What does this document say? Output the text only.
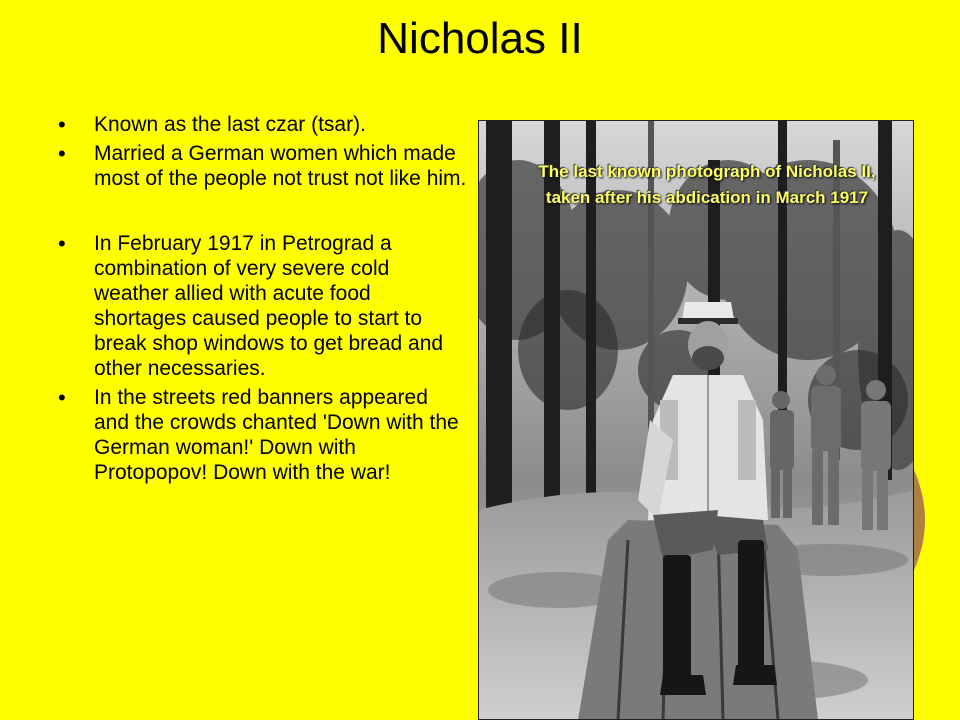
Nicholas II
• Known as the last czar (tsar).
• Married a German women which made most of the people not trust not like him.
• In February 1917 in Petrograd a combination of very severe cold weather allied with acute food shortages caused people to start to break shop windows to get bread and other necessaries.
• In the streets red banners appeared and the crowds chanted 'Down with the German woman!' Down with Protopopov! Down with the war!
The last known photograph of Nicholas II,
taken after his abdication in March 1917
